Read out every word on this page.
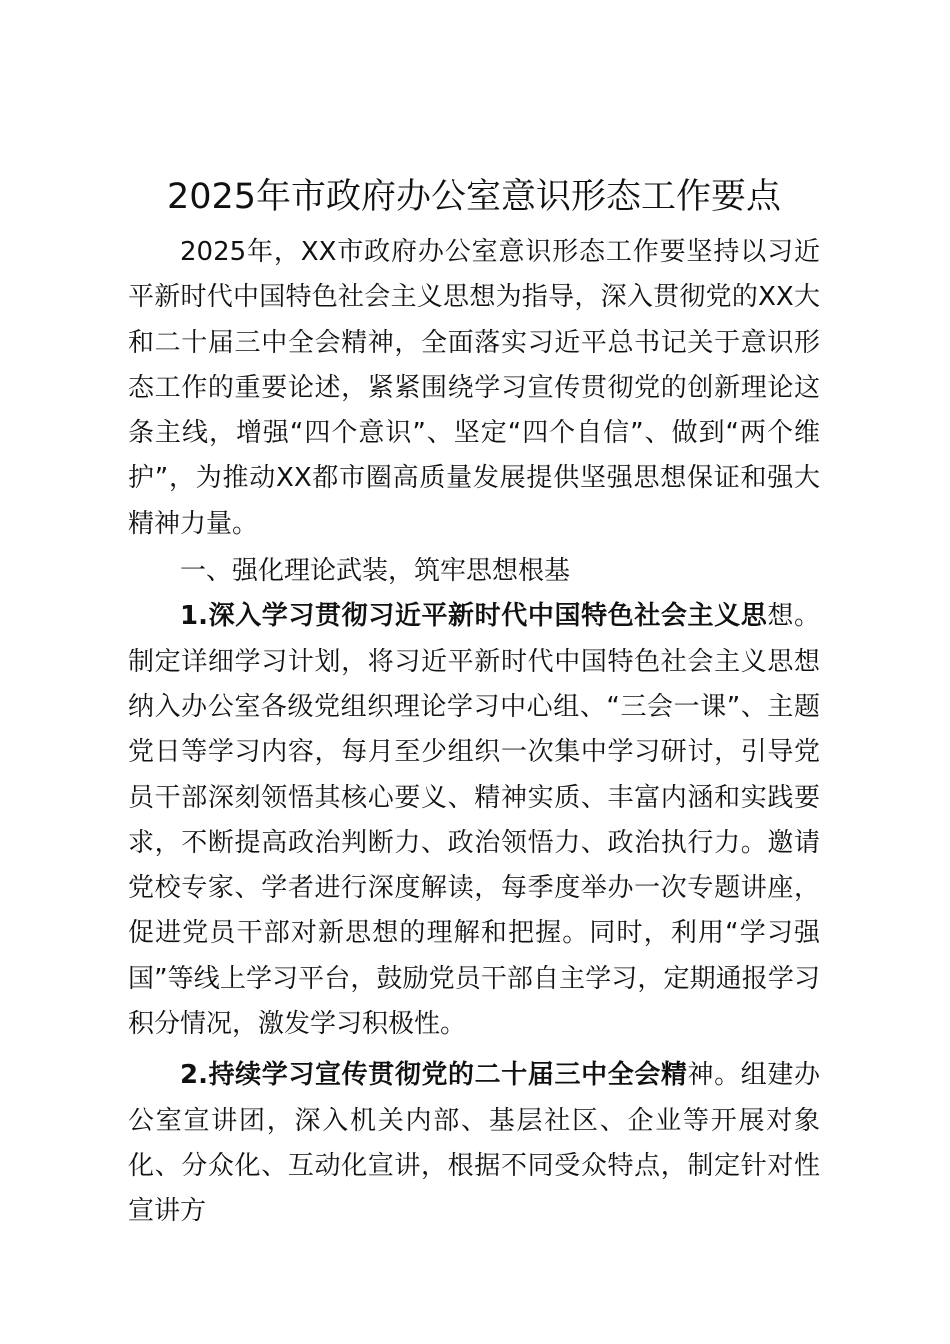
2025年市政府办公室意识形态工作要点

2025年，XX市政府办公室意识形态工作要坚持以习近平新时代中国特色社会主义思想为指导，深入贯彻党的XX大和二十届三中全会精神，全面落实习近平总书记关于意识形态工作的重要论述，紧紧围绕学习宣传贯彻党的创新理论这条主线，增强“四个意识”、坚定“四个自信”、做到“两个维护”，为推动XX都市圈高质量发展提供坚强思想保证和强大精神力量。

一、强化理论武装，筑牢思想根基

1.深入学习贯彻习近平新时代中国特色社会主义思想。制定详细学习计划，将习近平新时代中国特色社会主义思想纳入办公室各级党组织理论学习中心组、“三会一课”、主题党日等学习内容，每月至少组织一次集中学习研讨，引导党员干部深刻领悟其核心要义、精神实质、丰富内涵和实践要求，不断提高政治判断力、政治领悟力、政治执行力。邀请党校专家、学者进行深度解读，每季度举办一次专题讲座，促进党员干部对新思想的理解和把握。同时，利用“学习强国”等线上学习平台，鼓励党员干部自主学习，定期通报学习积分情况，激发学习积极性。

2.持续学习宣传贯彻党的二十届三中全会精神。组建办公室宣讲团，深入机关内部、基层社区、企业等开展对象化、分众化、互动化宣讲，根据不同受众特点，制定针对性宣讲方
